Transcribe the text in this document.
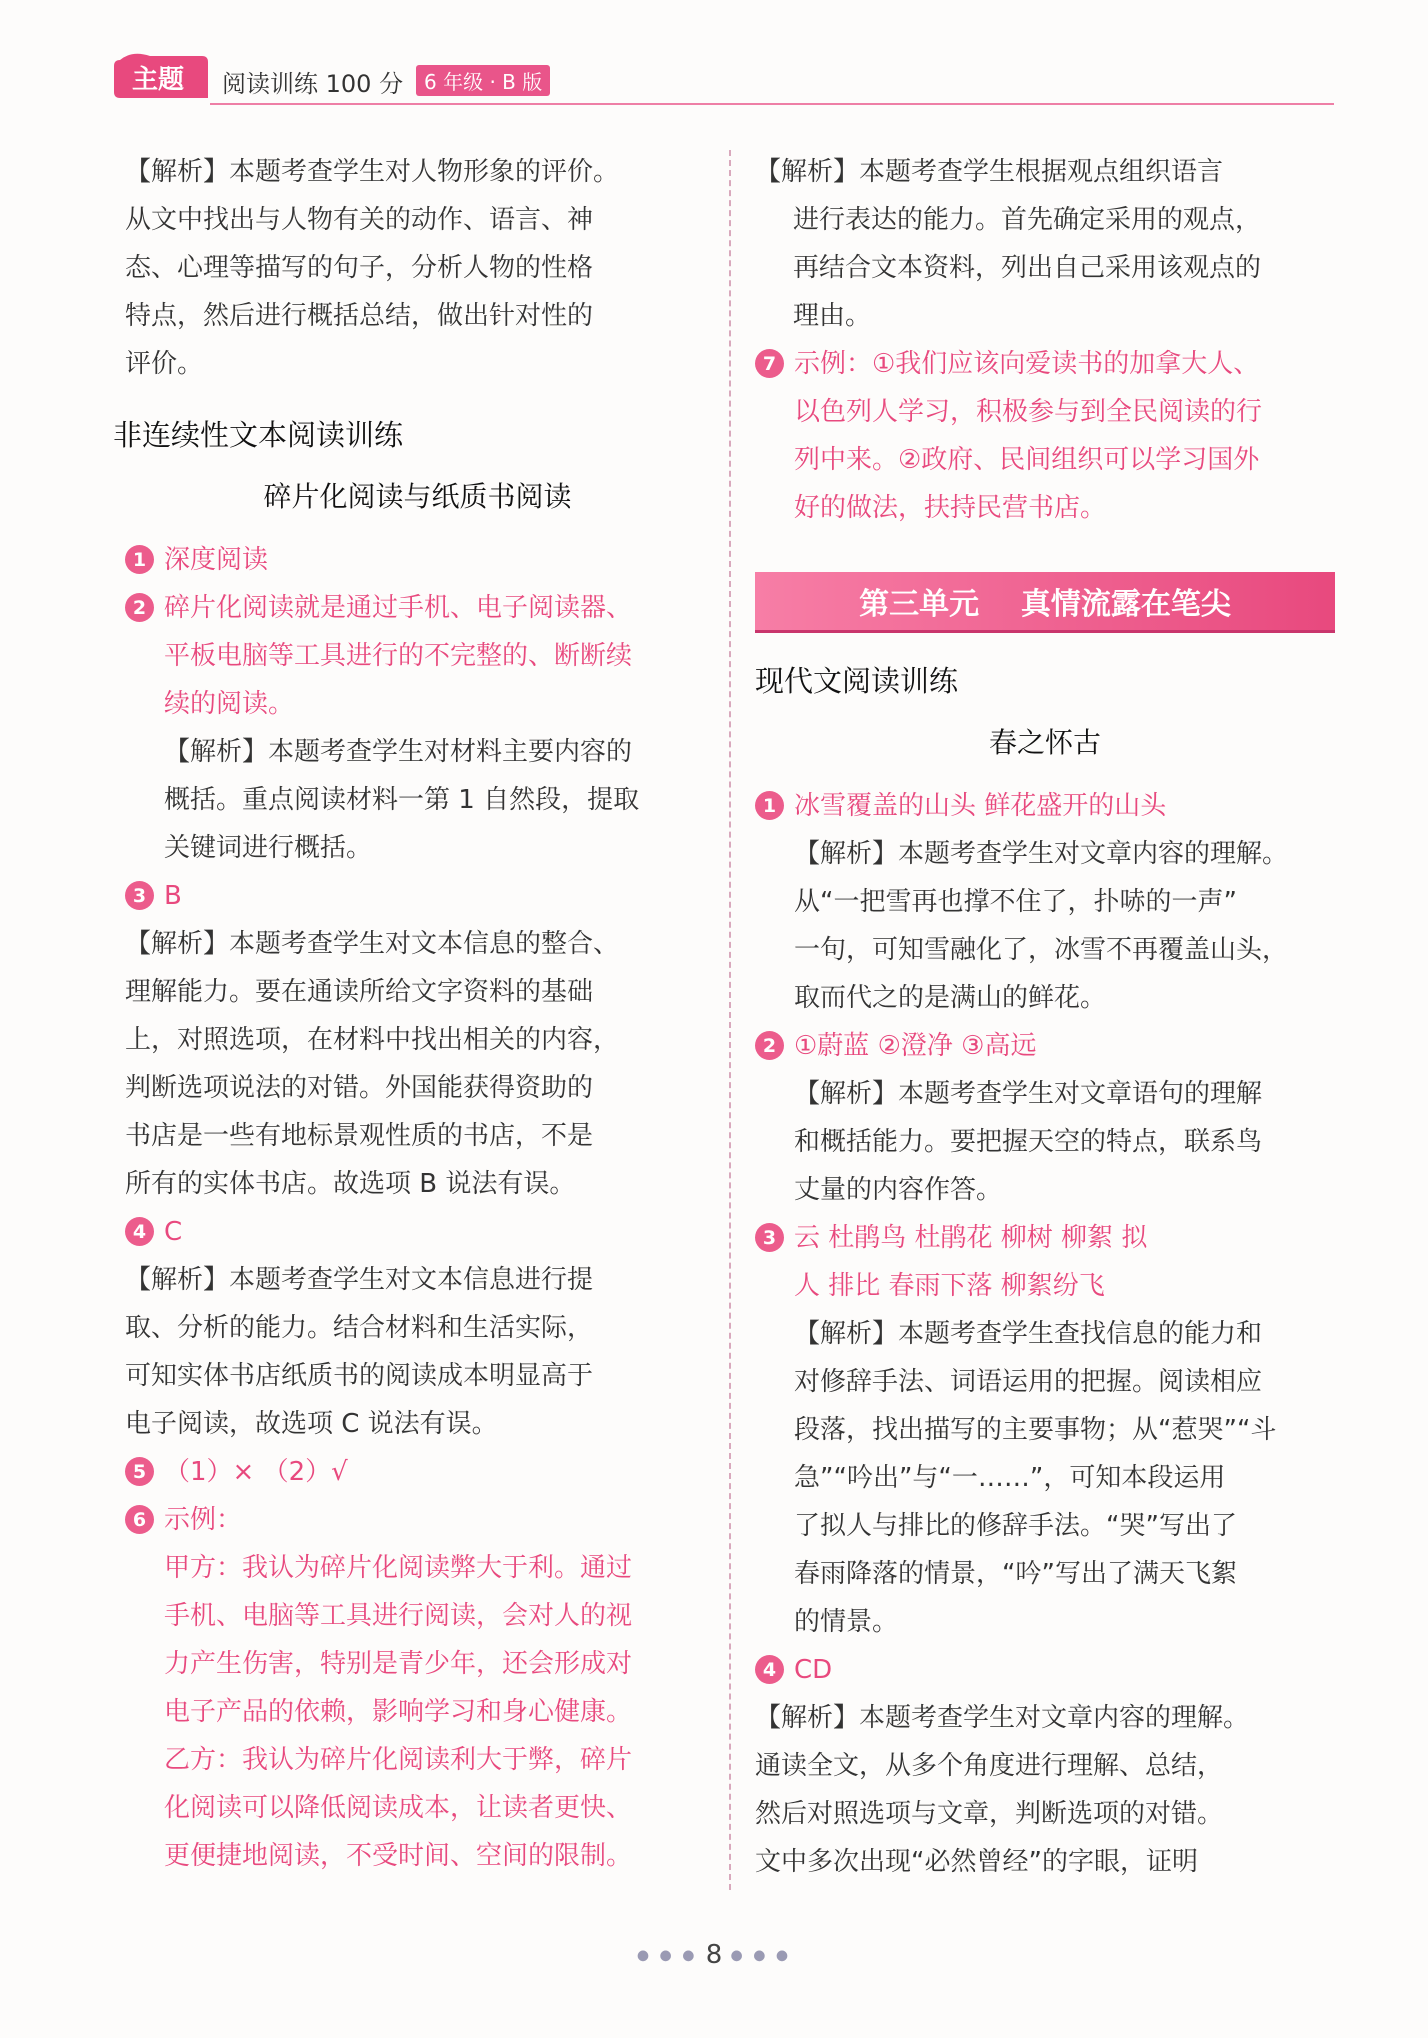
主题 阅读训练 100 分	6 年级 · B 版
【解析】本题考查学生对人物形象的评价。
从文中找出与人物有关的动作、语言、神
态、心理等描写的句子，分析人物的性格
特点，然后进行概括总结，做出针对性的
评价。
非连续性文本阅读训练
碎片化阅读与纸质书阅读
1 深度阅读
2 碎片化阅读就是通过手机、电子阅读器、
平板电脑等工具进行的不完整的、断断续
续的阅读。
【解析】本题考查学生对材料主要内容的
概括。重点阅读材料一第 1 自然段，提取
关键词进行概括。
3 B
【解析】本题考查学生对文本信息的整合、
理解能力。要在通读所给文字资料的基础
上，对照选项，在材料中找出相关的内容，
判断选项说法的对错。外国能获得资助的
书店是一些有地标景观性质的书店，不是
所有的实体书店。故选项 B 说法有误。
4 C
【解析】本题考查学生对文本信息进行提
取、分析的能力。结合材料和生活实际，
可知实体书店纸质书的阅读成本明显高于
电子阅读，故选项 C 说法有误。
5 （1）× （2）√
6 示例：
甲方：我认为碎片化阅读弊大于利。通过
手机、电脑等工具进行阅读，会对人的视
力产生伤害，特别是青少年，还会形成对
电子产品的依赖，影响学习和身心健康。
乙方：我认为碎片化阅读利大于弊，碎片
化阅读可以降低阅读成本，让读者更快、
更便捷地阅读，不受时间、空间的限制。
【解析】本题考查学生根据观点组织语言
进行表达的能力。首先确定采用的观点，
再结合文本资料，列出自己采用该观点的
理由。
7 示例：①我们应该向爱读书的加拿大人、
以色列人学习，积极参与到全民阅读的行
列中来。②政府、民间组织可以学习国外
好的做法，扶持民营书店。
第三单元    真情流露在笔尖
现代文阅读训练
春之怀古
1 冰雪覆盖的山头 鲜花盛开的山头
【解析】本题考查学生对文章内容的理解。
从“一把雪再也撑不住了，扑哧的一声”
一句，可知雪融化了，冰雪不再覆盖山头，
取而代之的是满山的鲜花。
2 ①蔚蓝 ②澄净 ③高远
【解析】本题考查学生对文章语句的理解
和概括能力。要把握天空的特点，联系鸟
丈量的内容作答。
3 云 杜鹃鸟 杜鹃花 柳树 柳絮 拟
人 排比 春雨下落 柳絮纷飞
【解析】本题考查学生查找信息的能力和
对修辞手法、词语运用的把握。阅读相应
段落，找出描写的主要事物；从“惹哭”“斗
急”“吟出”与“一……”，可知本段运用
了拟人与排比的修辞手法。“哭”写出了
春雨降落的情景，“吟”写出了满天飞絮
的情景。
4 CD
【解析】本题考查学生对文章内容的理解。
通读全文，从多个角度进行理解、总结，
然后对照选项与文章，判断选项的对错。
文中多次出现“必然曾经”的字眼，证明
● ● ● 8 ● ● ●
